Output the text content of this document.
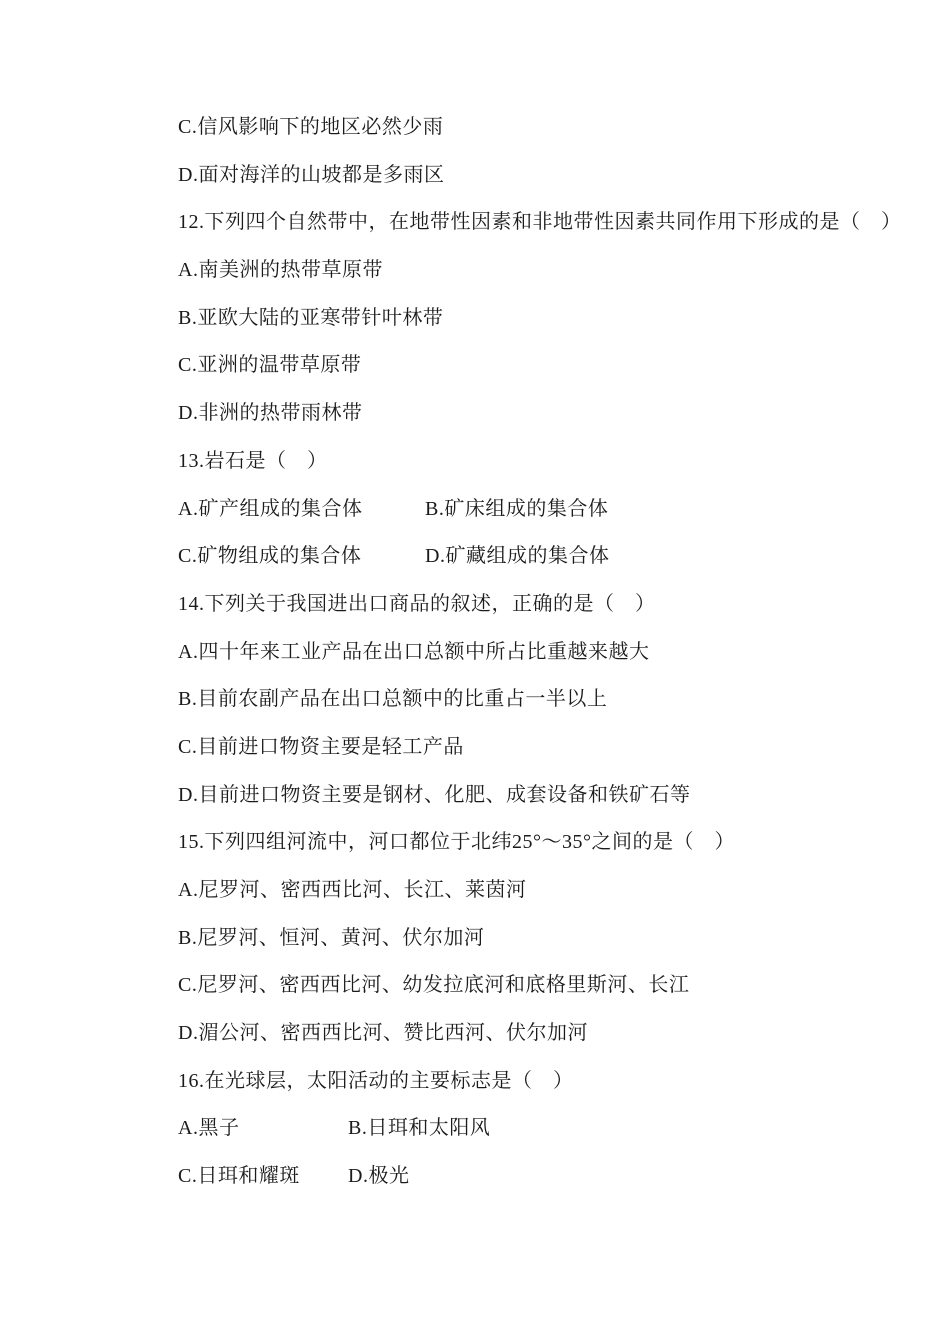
C.信风影响下的地区必然少雨

D.面对海洋的山坡都是多雨区

12.下列四个自然带中，在地带性因素和非地带性因素共同作用下形成的是（　）

A.南美洲的热带草原带

B.亚欧大陆的亚寒带针叶林带

C.亚洲的温带草原带

D.非洲的热带雨林带

13.岩石是（　）

A.矿产组成的集合体	B.矿床组成的集合体

C.矿物组成的集合体	D.矿藏组成的集合体

14.下列关于我国进出口商品的叙述，正确的是（　）

A.四十年来工业产品在出口总额中所占比重越来越大

B.目前农副产品在出口总额中的比重占一半以上

C.目前进口物资主要是轻工产品

D.目前进口物资主要是钢材、化肥、成套设备和铁矿石等

15.下列四组河流中，河口都位于北纬25°～35°之间的是（　）

A.尼罗河、密西西比河、长江、莱茵河

B.尼罗河、恒河、黄河、伏尔加河

C.尼罗河、密西西比河、幼发拉底河和底格里斯河、长江

D.湄公河、密西西比河、赞比西河、伏尔加河

16.在光球层，太阳活动的主要标志是（　）

A.黑子	B.日珥和太阳风

C.日珥和耀斑 D.极光
